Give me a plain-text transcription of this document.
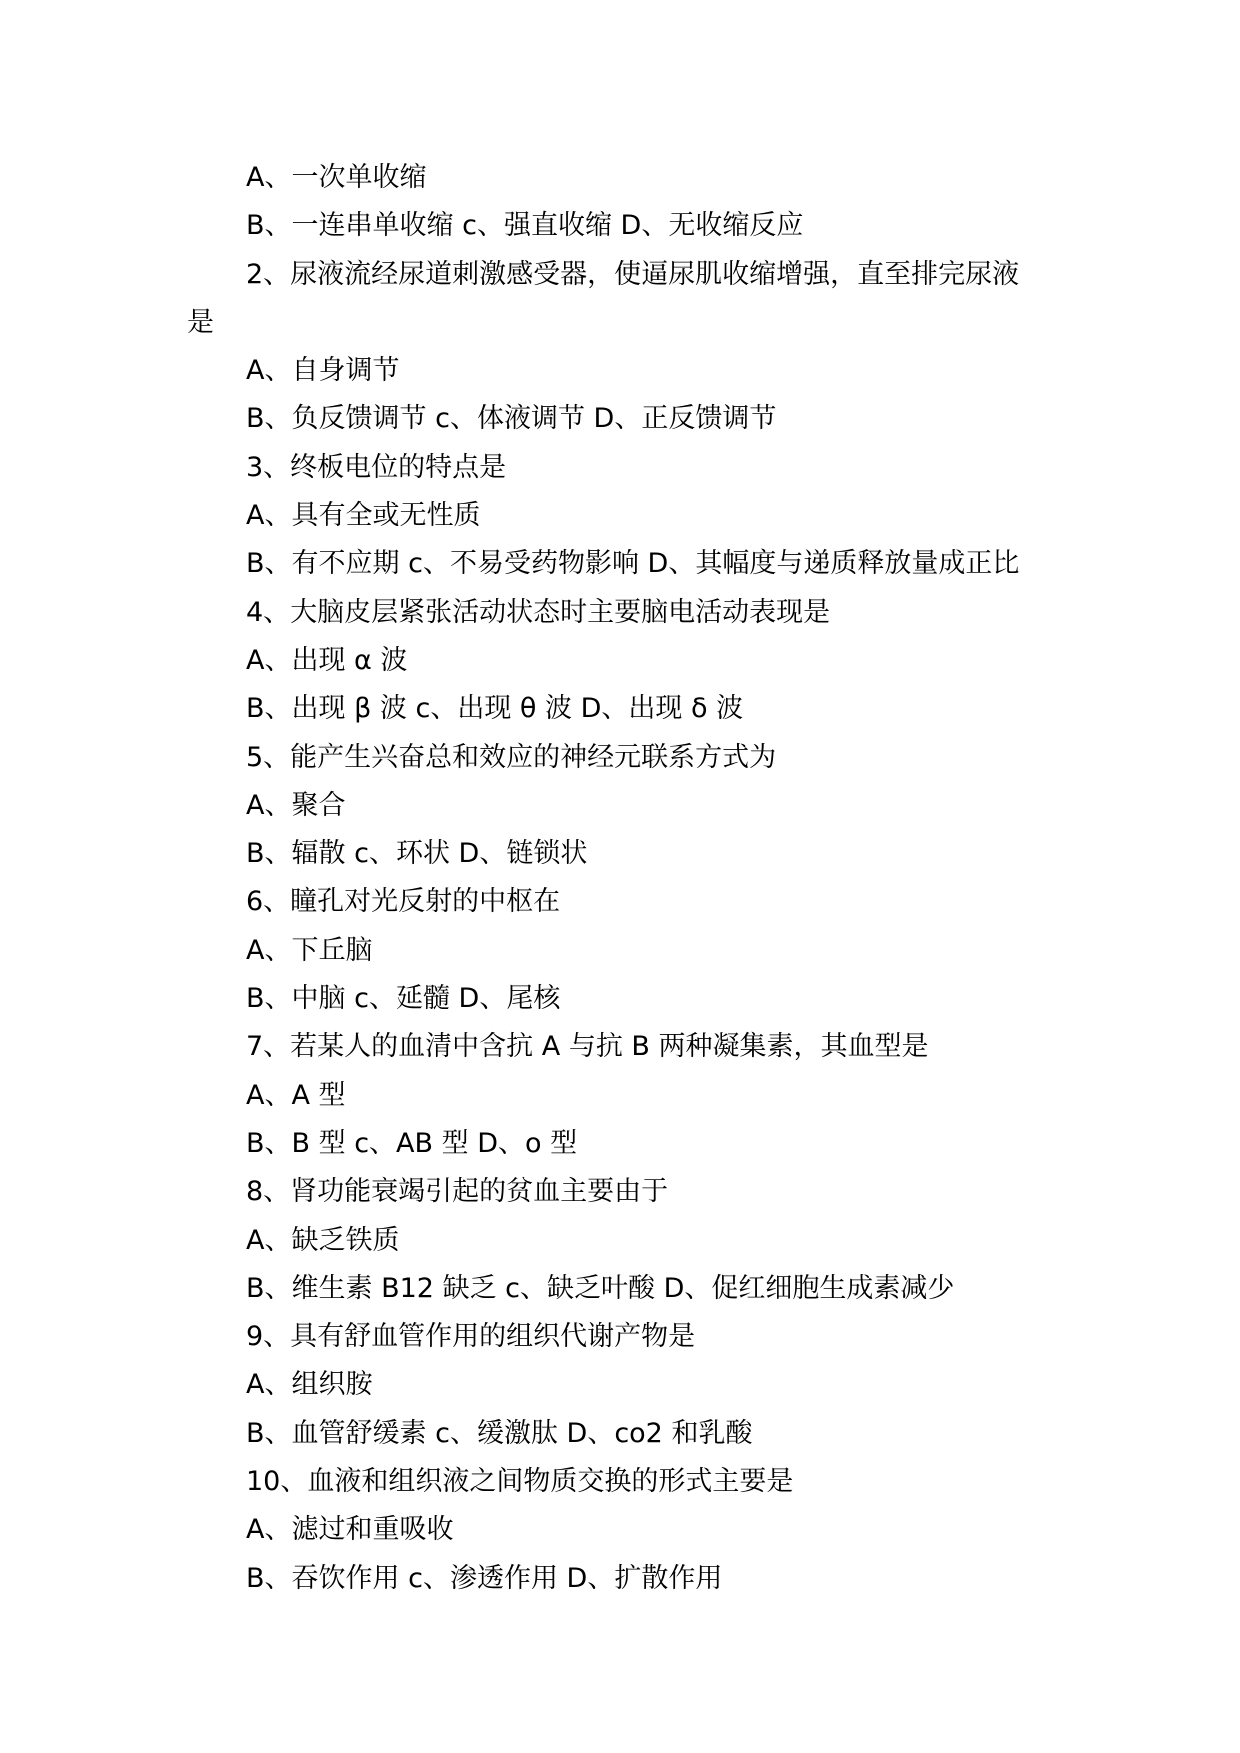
A、一次单收缩
B、一连串单收缩 c、强直收缩 D、无收缩反应
2、尿液流经尿道刺激感受器，使逼尿肌收缩增强，直至排完尿液
是
A、自身调节
B、负反馈调节 c、体液调节 D、正反馈调节
3、终板电位的特点是
A、具有全或无性质
B、有不应期 c、不易受药物影响 D、其幅度与递质释放量成正比
4、大脑皮层紧张活动状态时主要脑电活动表现是
A、出现 α 波
B、出现 β 波 c、出现 θ 波 D、出现 δ 波
5、能产生兴奋总和效应的神经元联系方式为
A、聚合
B、辐散 c、环状 D、链锁状
6、瞳孔对光反射的中枢在
A、下丘脑
B、中脑 c、延髓 D、尾核
7、若某人的血清中含抗 A 与抗 B 两种凝集素，其血型是
A、A 型
B、B 型 c、AB 型 D、o 型
8、肾功能衰竭引起的贫血主要由于
A、缺乏铁质
B、维生素 B12 缺乏 c、缺乏叶酸 D、促红细胞生成素减少
9、具有舒血管作用的组织代谢产物是
A、组织胺
B、血管舒缓素 c、缓激肽 D、co2 和乳酸
10、血液和组织液之间物质交换的形式主要是
A、滤过和重吸收
B、吞饮作用 c、渗透作用 D、扩散作用
